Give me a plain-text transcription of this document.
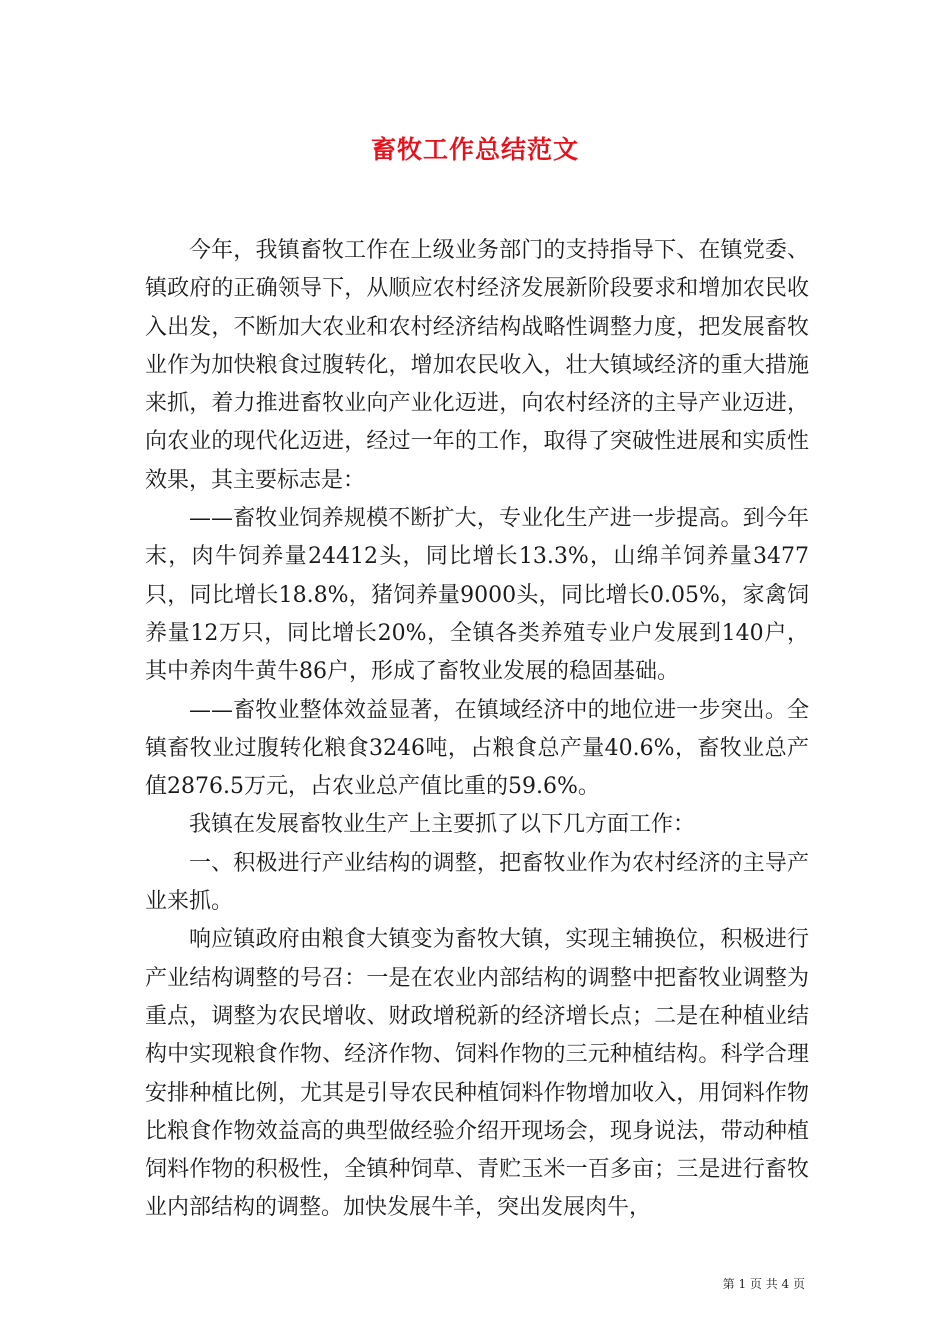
畜牧工作总结范文

今年，我镇畜牧工作在上级业务部门的支持指导下、在镇党委、镇政府的正确领导下，从顺应农村经济发展新阶段要求和增加农民收入出发，不断加大农业和农村经济结构战略性调整力度，把发展畜牧业作为加快粮食过腹转化，增加农民收入，壮大镇域经济的重大措施来抓，着力推进畜牧业向产业化迈进，向农村经济的主导产业迈进，向农业的现代化迈进，经过一年的工作，取得了突破性进展和实质性效果，其主要标志是：

——畜牧业饲养规模不断扩大，专业化生产进一步提高。到今年末，肉牛饲养量24412头，同比增长13.3%，山绵羊饲养量3477只，同比增长18.8%，猪饲养量9000头，同比增长0.05%，家禽饲养量12万只，同比增长20%，全镇各类养殖专业户发展到140户，其中养肉牛黄牛86户，形成了畜牧业发展的稳固基础。

——畜牧业整体效益显著，在镇域经济中的地位进一步突出。全镇畜牧业过腹转化粮食3246吨，占粮食总产量40.6%，畜牧业总产值2876.5万元，占农业总产值比重的59.6%。

我镇在发展畜牧业生产上主要抓了以下几方面工作：

一、积极进行产业结构的调整，把畜牧业作为农村经济的主导产业来抓。

响应镇政府由粮食大镇变为畜牧大镇，实现主辅换位，积极进行产业结构调整的号召：一是在农业内部结构的调整中把畜牧业调整为重点，调整为农民增收、财政增税新的经济增长点；二是在种植业结构中实现粮食作物、经济作物、饲料作物的三元种植结构。科学合理安排种植比例，尤其是引导农民种植饲料作物增加收入，用饲料作物比粮食作物效益高的典型做经验介绍开现场会，现身说法，带动种植饲料作物的积极性，全镇种饲草、青贮玉米一百多亩；三是进行畜牧业内部结构的调整。加快发展牛羊，突出发展肉牛，

第 1 页 共 4 页
